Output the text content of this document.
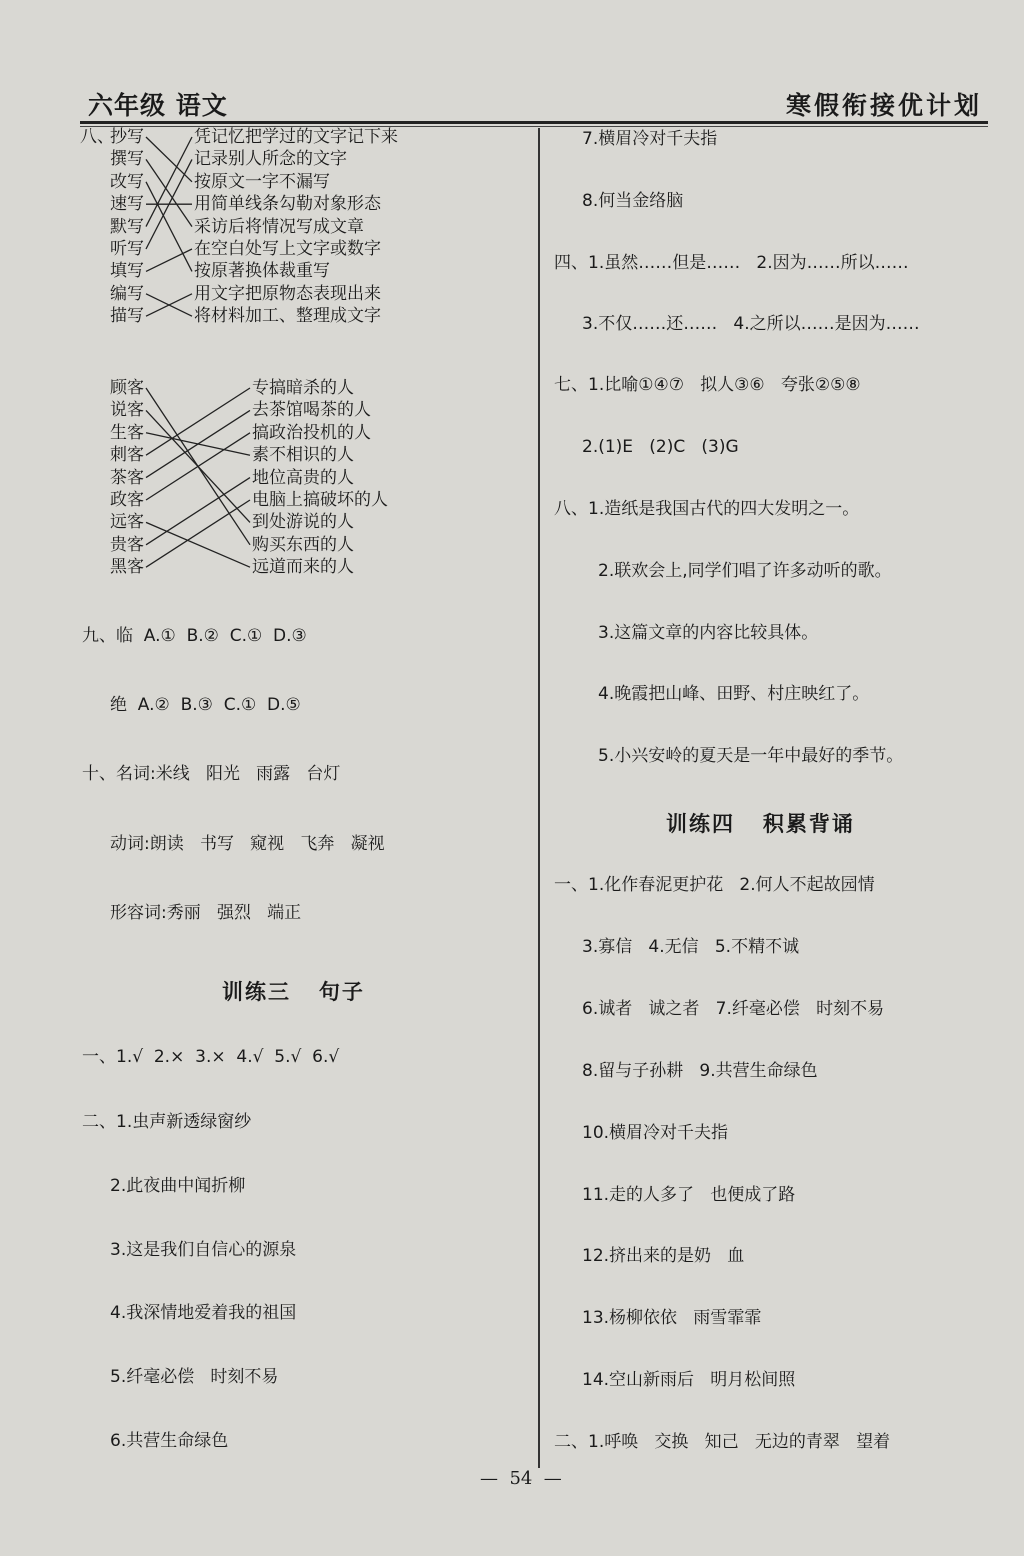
六年级 语文	寒假衔接优计划
八、
抄写
撰写
改写
速写
默写
听写
填写
编写
描写
凭记忆把学过的文字记下来
记录别人所念的文字
按原文一字不漏写
用简单线条勾勒对象形态
采访后将情况写成文章
在空白处写上文字或数字
按原著换体裁重写
用文字把原物态表现出来
将材料加工、整理成文字
顾客
说客
生客
刺客
茶客
政客
远客
贵客
黑客
专搞暗杀的人
去茶馆喝茶的人
搞政治投机的人
素不相识的人
地位高贵的人
电脑上搞破坏的人
到处游说的人
购买东西的人
远道而来的人
九、临  A.①  B.②  C.①  D.③
绝  A.②  B.③  C.①  D.⑤
十、名词:米线   阳光   雨露   台灯
动词:朗读   书写   窥视   飞奔   凝视
形容词:秀丽   强烈   端正
训练三   句子
一、1.√  2.×  3.×  4.√  5.√  6.√
二、1.虫声新透绿窗纱
2.此夜曲中闻折柳
3.这是我们自信心的源泉
4.我深情地爱着我的祖国
5.纤毫必偿   时刻不易
6.共营生命绿色
7.横眉冷对千夫指
8.何当金络脑
四、1.虽然……但是……   2.因为……所以……
3.不仅……还……   4.之所以……是因为……
七、1.比喻①④⑦   拟人③⑥   夸张②⑤⑧
2.(1)E   (2)C   (3)G
八、1.造纸是我国古代的四大发明之一。
2.联欢会上,同学们唱了许多动听的歌。
3.这篇文章的内容比较具体。
4.晚霞把山峰、田野、村庄映红了。
5.小兴安岭的夏天是一年中最好的季节。
训练四   积累背诵
一、1.化作春泥更护花   2.何人不起故园情
3.寡信   4.无信   5.不精不诚
6.诚者   诚之者   7.纤毫必偿   时刻不易
8.留与子孙耕   9.共营生命绿色
10.横眉冷对千夫指
11.走的人多了   也便成了路
12.挤出来的是奶   血
13.杨柳依依   雨雪霏霏
14.空山新雨后   明月松间照
二、1.呼唤   交换   知己   无边的青翠   望着
—  54  —
